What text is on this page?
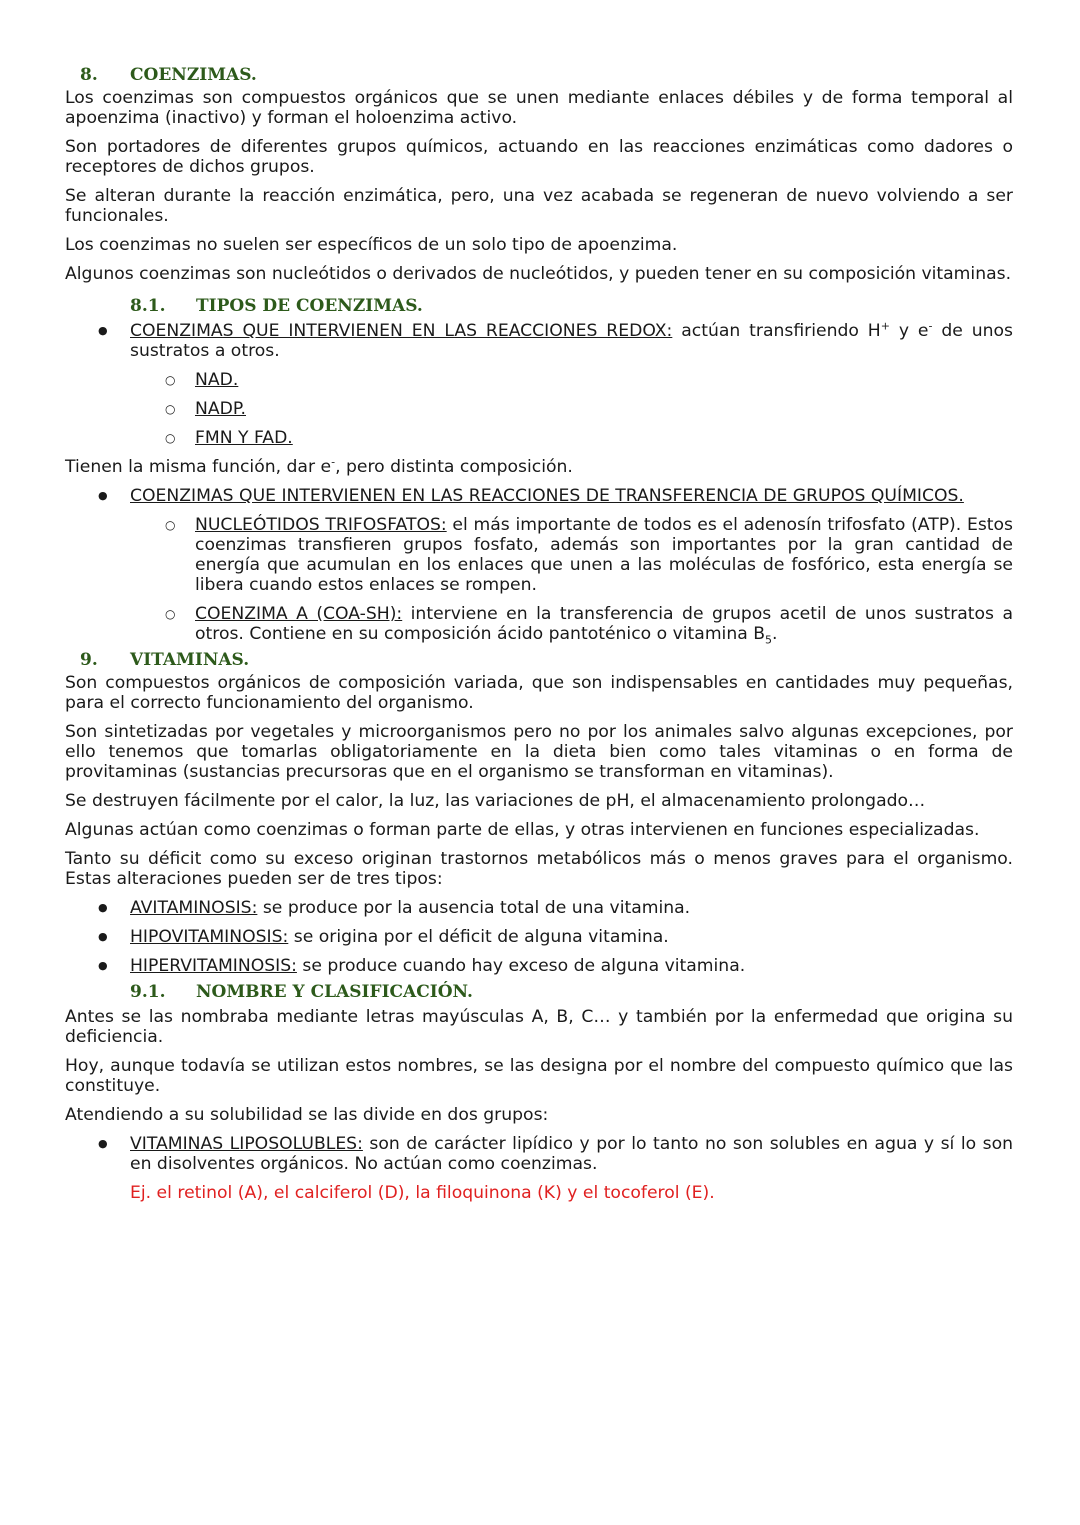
8. COENZIMAS.

Los coenzimas son compuestos orgánicos que se unen mediante enlaces débiles y de forma temporal al apoenzima (inactivo) y forman el holoenzima activo.

Son portadores de diferentes grupos químicos, actuando en las reacciones enzimáticas como dadores o receptores de dichos grupos.

Se alteran durante la reacción enzimática, pero, una vez acabada se regeneran de nuevo volviendo a ser funcionales.

Los coenzimas no suelen ser específicos de un solo tipo de apoenzima.

Algunos coenzimas son nucleótidos o derivados de nucleótidos, y pueden tener en su composición vitaminas.

8.1. TIPOS DE COENZIMAS.
● COENZIMAS QUE INTERVIENEN EN LAS REACCIONES REDOX: actúan transfiriendo H+ y e- de unos sustratos a otros.
○ NAD.
○ NADP.
○ FMN Y FAD.

Tienen la misma función, dar e-, pero distinta composición.

● COENZIMAS QUE INTERVIENEN EN LAS REACCIONES DE TRANSFERENCIA DE GRUPOS QUÍMICOS.
○ NUCLEÓTIDOS TRIFOSFATOS: el más importante de todos es el adenosín trifosfato (ATP). Estos coenzimas transfieren grupos fosfato, además son importantes por la gran cantidad de energía que acumulan en los enlaces que unen a las moléculas de fosfórico, esta energía se libera cuando estos enlaces se rompen.
○ COENZIMA A (COA-SH): interviene en la transferencia de grupos acetil de unos sustratos a otros. Contiene en su composición ácido pantoténico o vitamina $B_5$.
9. VITAMINAS.

Son compuestos orgánicos de composición variada, que son indispensables en cantidades muy pequeñas, para el correcto funcionamiento del organismo.

Son sintetizadas por vegetales y microorganismos pero no por los animales salvo algunas excepciones, por ello tenemos que tomarlas obligatoriamente en la dieta bien como tales vitaminas o en forma de provitaminas (sustancias precursoras que en el organismo se transforman en vitaminas).

Se destruyen fácilmente por el calor, la luz, las variaciones de pH, el almacenamiento prolongado…

Algunas actúan como coenzimas o forman parte de ellas, y otras intervienen en funciones especializadas.

Tanto su déficit como su exceso originan trastornos metabólicos más o menos graves para el organismo. Estas alteraciones pueden ser de tres tipos:

● AVITAMINOSIS: se produce por la ausencia total de una vitamina.
● HIPOVITAMINOSIS: se origina por el déficit de alguna vitamina.
● HIPERVITAMINOSIS: se produce cuando hay exceso de alguna vitamina.
9.1. NOMBRE Y CLASIFICACIÓN.

Antes se las nombraba mediante letras mayúsculas A, B, C… y también por la enfermedad que origina su deficiencia.

Hoy, aunque todavía se utilizan estos nombres, se las designa por el nombre del compuesto químico que las constituye.

Atendiendo a su solubilidad se las divide en dos grupos:

● VITAMINAS LIPOSOLUBLES: son de carácter lipídico y por lo tanto no son solubles en agua y sí lo son en disolventes orgánicos. No actúan como coenzimas.

Ej. el retinol (A), el calciferol (D), la filoquinona (K) y el tocoferol (E).
